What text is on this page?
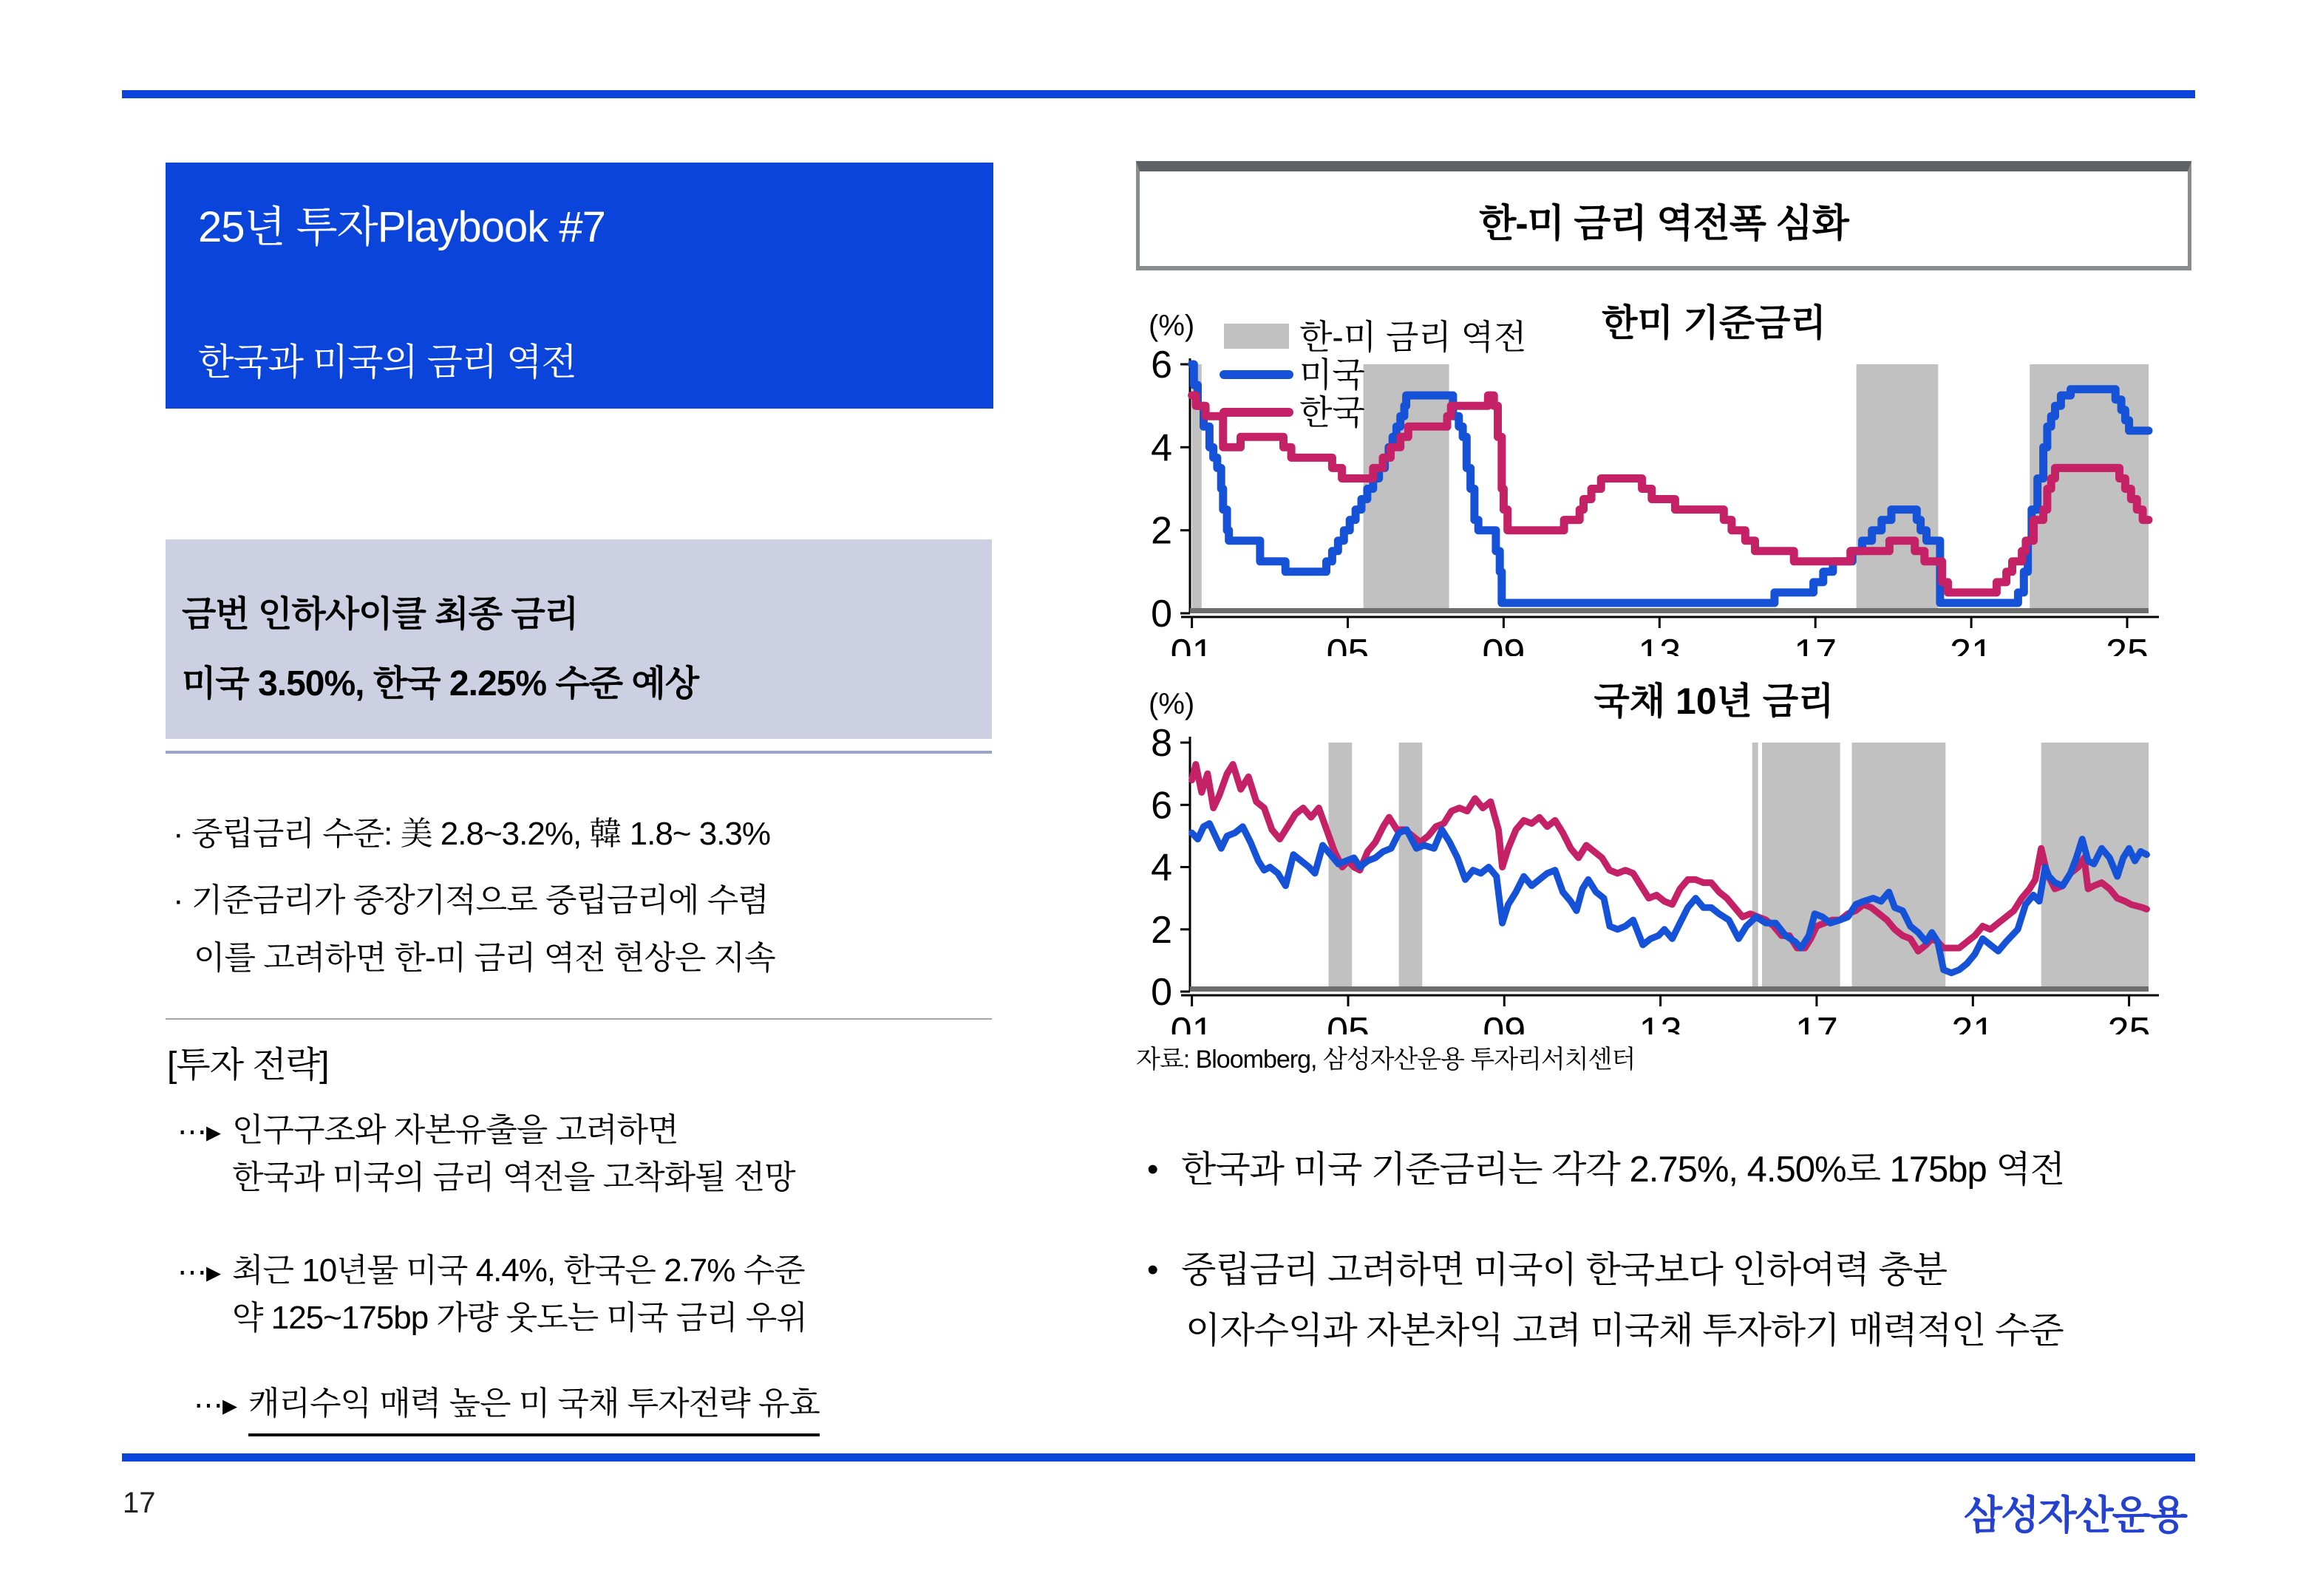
25년 투자Playbook #7
한국과 미국의 금리 역전
금번 인하사이클 최종 금리
미국 3.50%, 한국 2.25% 수준 예상
· 중립금리 수준: 美 2.8~3.2%, 韓 1.8~ 3.3%
· 기준금리가 중장기적으로 중립금리에 수렴
이를 고려하면 한-미 금리 역전 현상은 지속
[투자 전략]
⋯▸ 인구구조와 자본유출을 고려하면
한국과 미국의 금리 역전을 고착화될 전망
⋯▸ 최근 10년물 미국 4.4%, 한국은 2.7% 수준
약 125~175bp 가량 웃도는 미국 금리 우위
⋯▸ 캐리수익 매력 높은 미 국채 투자전략 유효
한-미 금리 역전폭 심화
0
2
4
6
01	05	09	13	17	21	25
한미 기준금리
(%)	한-미 금리 역전
미국
한국
0
2
4
6
8
01	05	09	13	17	21	25
국채 10년 금리
(%)
자료: Bloomberg, 삼성자산운용 투자리서치센터
• 한국과 미국 기준금리는 각각 2.75%, 4.50%로 175bp 역전
• 중립금리 고려하면 미국이 한국보다 인하여력 충분
이자수익과 자본차익 고려 미국채 투자하기 매력적인 수준
17	삼성자산운용
